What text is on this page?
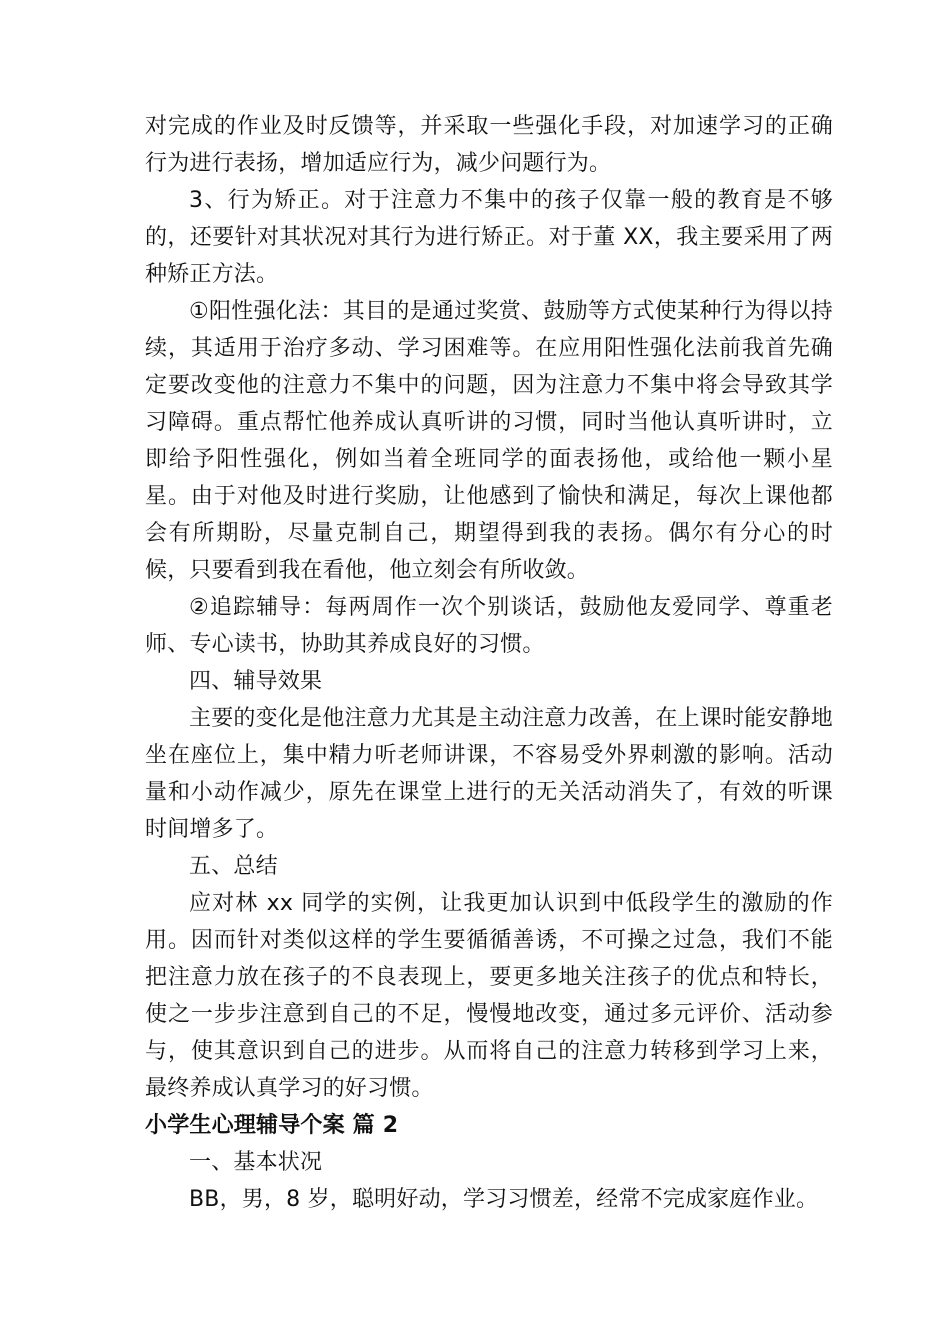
对完成的作业及时反馈等，并采取一些强化手段，对加速学习的正确行为进行表扬，增加适应行为，减少问题行为。

3、行为矫正。对于注意力不集中的孩子仅靠一般的教育是不够的，还要针对其状况对其行为进行矫正。对于董 XX，我主要采用了两种矫正方法。

①阳性强化法：其目的是通过奖赏、鼓励等方式使某种行为得以持续，其适用于治疗多动、学习困难等。在应用阳性强化法前我首先确定要改变他的注意力不集中的问题，因为注意力不集中将会导致其学习障碍。重点帮忙他养成认真听讲的习惯，同时当他认真听讲时，立即给予阳性强化，例如当着全班同学的面表扬他，或给他一颗小星星。由于对他及时进行奖励，让他感到了愉快和满足，每次上课他都会有所期盼，尽量克制自己，期望得到我的表扬。偶尔有分心的时候，只要看到我在看他，他立刻会有所收敛。

②追踪辅导：每两周作一次个别谈话，鼓励他友爱同学、尊重老师、专心读书，协助其养成良好的习惯。

四、辅导效果

主要的变化是他注意力尤其是主动注意力改善，在上课时能安静地坐在座位上，集中精力听老师讲课，不容易受外界刺激的影响。活动量和小动作减少，原先在课堂上进行的无关活动消失了，有效的听课时间增多了。

五、总结

应对林 xx 同学的实例，让我更加认识到中低段学生的激励的作用。因而针对类似这样的学生要循循善诱，不可操之过急，我们不能把注意力放在孩子的不良表现上，要更多地关注孩子的优点和特长，使之一步步注意到自己的不足，慢慢地改变，通过多元评价、活动参与，使其意识到自己的进步。从而将自己的注意力转移到学习上来，最终养成认真学习的好习惯。

小学生心理辅导个案 篇 2

一、基本状况

BB，男，8 岁，聪明好动，学习习惯差，经常不完成家庭作业。
